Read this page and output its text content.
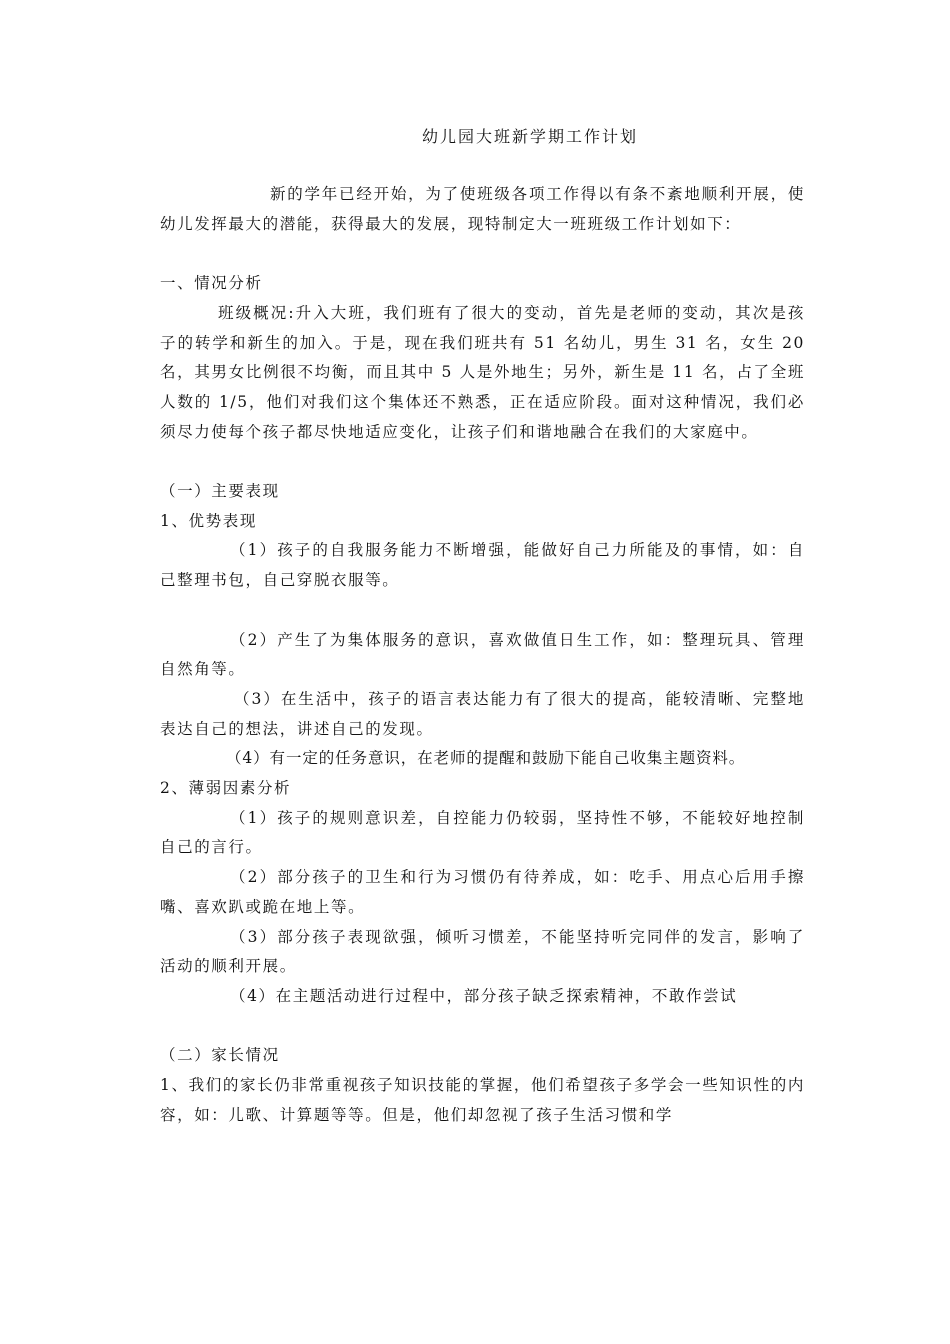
幼儿园大班新学期工作计划

新的学年已经开始，为了使班级各项工作得以有条不紊地顺利开展，使幼儿发挥最大的潜能，获得最大的发展，现特制定大一班班级工作计划如下：

一、情况分析

班级概况:升入大班，我们班有了很大的变动，首先是老师的变动，其次是孩子的转学和新生的加入。于是，现在我们班共有 51 名幼儿，男生 31 名，女生 20 名，其男女比例很不均衡，而且其中 5 人是外地生；另外，新生是 11 名，占了全班人数的 1/5，他们对我们这个集体还不熟悉，正在适应阶段。面对这种情况，我们必须尽力使每个孩子都尽快地适应变化，让孩子们和谐地融合在我们的大家庭中。

（一）主要表现

1、优势表现

（1）孩子的自我服务能力不断增强，能做好自己力所能及的事情，如：自己整理书包，自己穿脱衣服等。

（2）产生了为集体服务的意识，喜欢做值日生工作，如：整理玩具、管理自然角等。

（3）在生活中，孩子的语言表达能力有了很大的提高，能较清晰、完整地表达自己的想法，讲述自己的发现。

（4）有一定的任务意识，在老师的提醒和鼓励下能自己收集主题资料。

2、薄弱因素分析

（1）孩子的规则意识差，自控能力仍较弱，坚持性不够，不能较好地控制自己的言行。

（2）部分孩子的卫生和行为习惯仍有待养成，如：吃手、用点心后用手擦嘴、喜欢趴或跪在地上等。

（3）部分孩子表现欲强，倾听习惯差，不能坚持听完同伴的发言，影响了活动的顺利开展。

（4）在主题活动进行过程中，部分孩子缺乏探索精神，不敢作尝试

（二）家长情况

1、我们的家长仍非常重视孩子知识技能的掌握，他们希望孩子多学会一些知识性的内容，如：儿歌、计算题等等。但是，他们却忽视了孩子生活习惯和学
